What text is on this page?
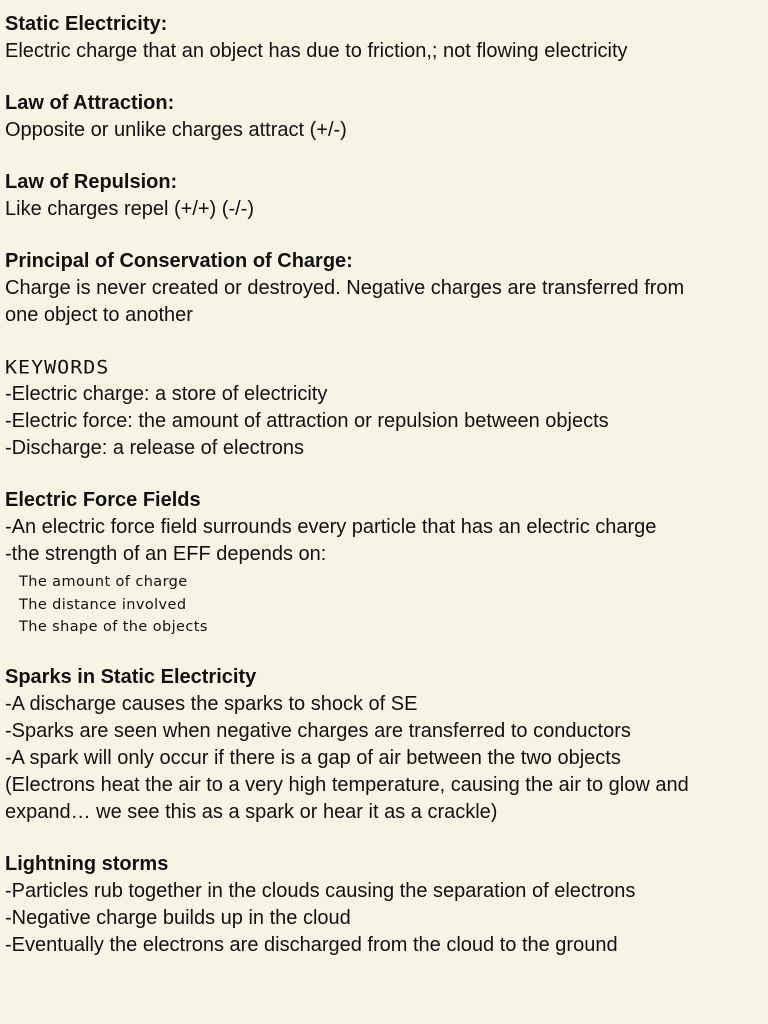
Static Electricity:
Electric charge that an object has due to friction,; not flowing electricity
Law of Attraction:
Opposite or unlike charges attract (+/-)
Law of Repulsion:
Like charges repel (+/+) (-/-)
Principal of Conservation of Charge:
Charge is never created or destroyed. Negative charges are transferred from
one object to another
KEYWORDS
-Electric charge: a store of electricity
-Electric force: the amount of attraction or repulsion between objects
-Discharge: a release of electrons
Electric Force Fields
-An electric force field surrounds every particle that has an electric charge
-the strength of an EFF depends on:
The amount of charge
The distance involved
The shape of the objects
Sparks in Static Electricity
-A discharge causes the sparks to shock of SE
-Sparks are seen when negative charges are transferred to conductors
-A spark will only occur if there is a gap of air between the two objects
(Electrons heat the air to a very high temperature, causing the air to glow and
expand… we see this as a spark or hear it as a crackle)
Lightning storms
-Particles rub together in the clouds causing the separation of electrons
-Negative charge builds up in the cloud
-Eventually the electrons are discharged from the cloud to the ground
